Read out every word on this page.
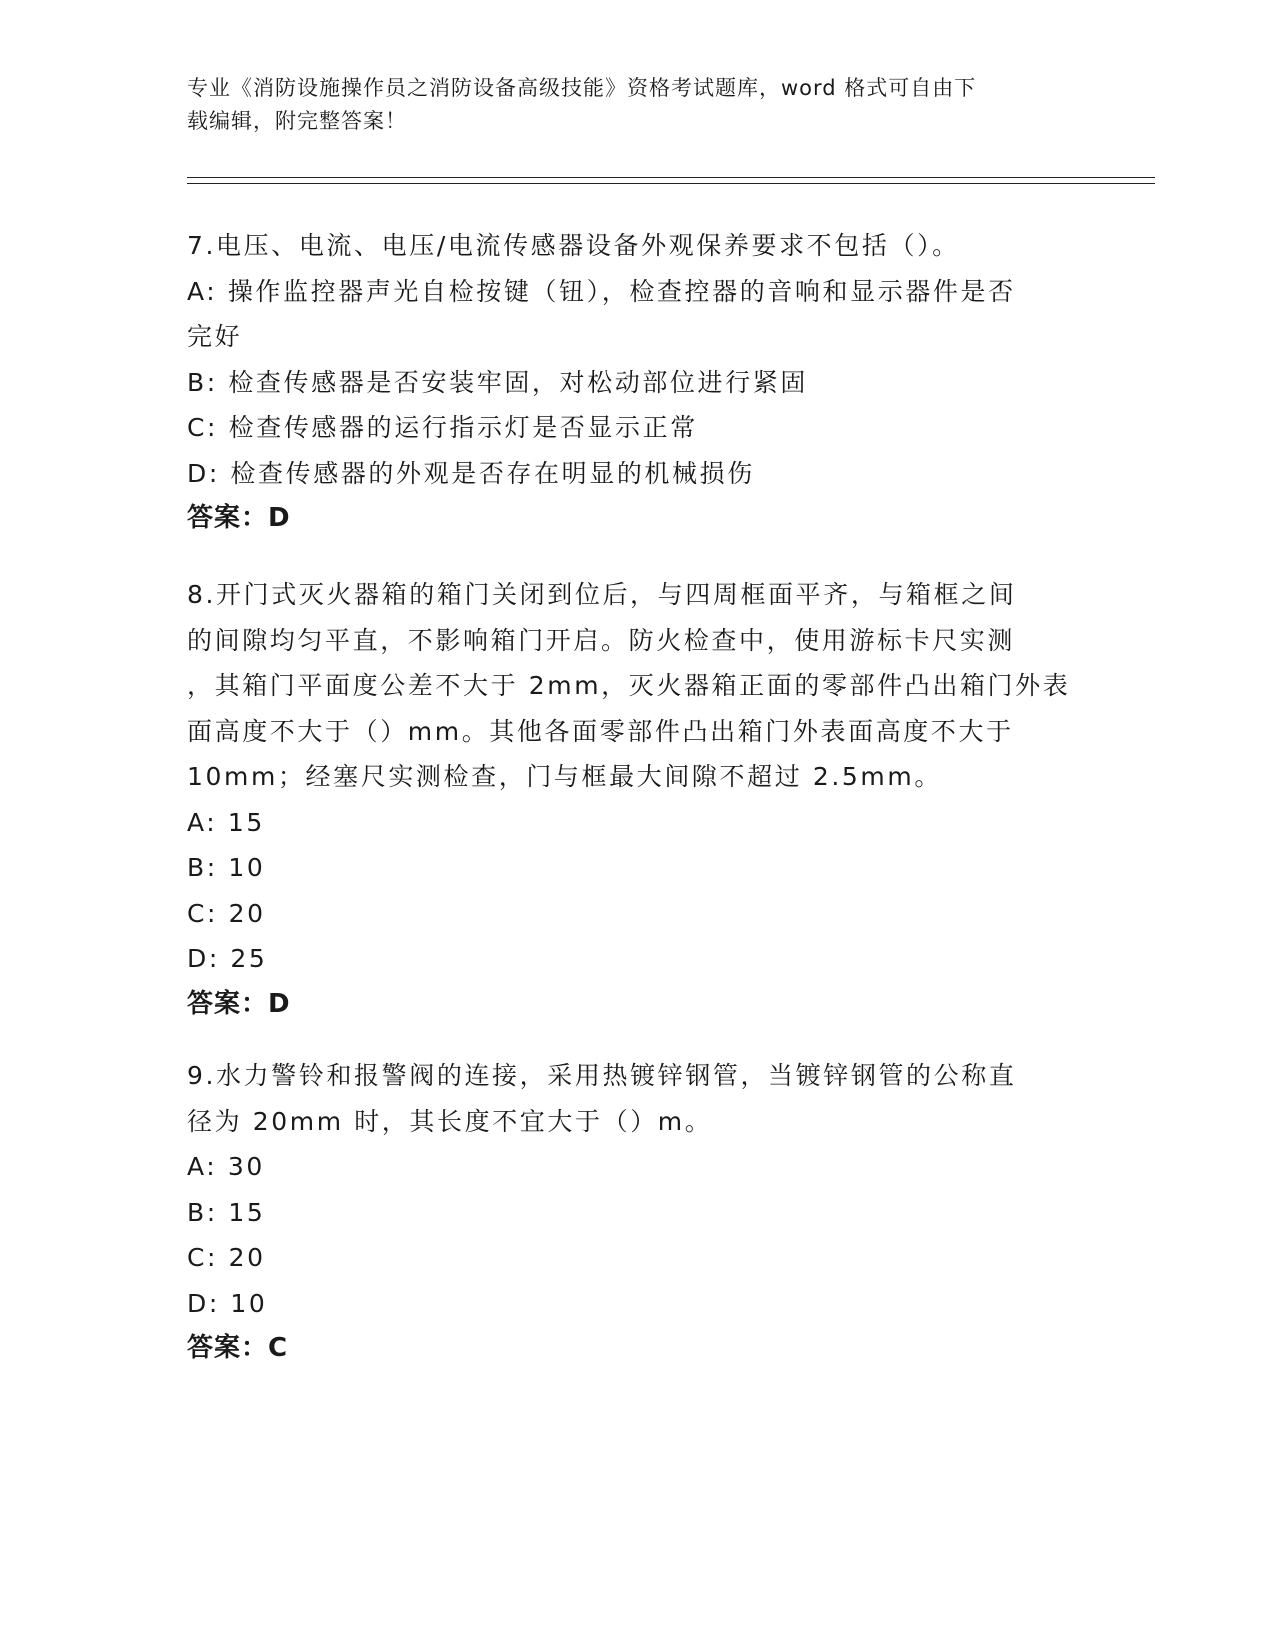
专业《消防设施操作员之消防设备高级技能》资格考试题库，word 格式可自由下
载编辑，附完整答案！

7.电压、电流、电压/电流传感器设备外观保养要求不包括（）。

A: 操作监控器声光自检按键（钮），检查控器的音响和显示器件是否

完好

B: 检查传感器是否安装牢固，对松动部位进行紧固

C: 检查传感器的运行指示灯是否显示正常

D: 检查传感器的外观是否存在明显的机械损伤

答案：D

8.开门式灭火器箱的箱门关闭到位后，与四周框面平齐，与箱框之间

的间隙均匀平直，不影响箱门开启。防火检查中，使用游标卡尺实测

，其箱门平面度公差不大于 2mm，灭火器箱正面的零部件凸出箱门外表

面高度不大于（）mm。其他各面零部件凸出箱门外表面高度不大于

10mm；经塞尺实测检查，门与框最大间隙不超过 2.5mm。

A: 15

B: 10

C: 20

D: 25

答案：D

9.水力警铃和报警阀的连接，采用热镀锌钢管，当镀锌钢管的公称直

径为 20mm 时，其长度不宜大于（）m。

A: 30

B: 15

C: 20

D: 10

答案：C
